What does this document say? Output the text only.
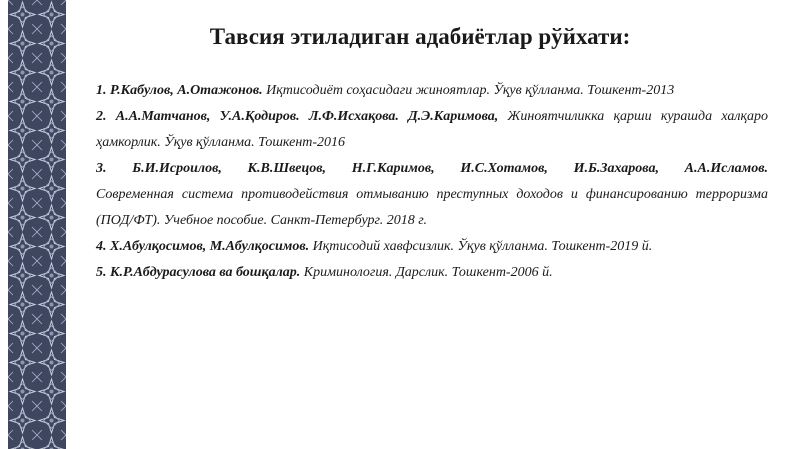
Тавсия этиладиган адабиётлар рўйхати:

1. Р.Кабулов, А.Отажонов. Иқтисодиёт соҳасидаги жиноятлар. Ўқув қўлланма. Тошкент-2013

2. А.А.Матчанов, У.А.Қодиров. Л.Ф.Исхақова. Д.Э.Каримова, Жиноятчиликка қарши курашда халқаро ҳамкорлик. Ўқув қўлланма. Тошкент-2016

3. Б.И.Исроилов, К.В.Швецов, Н.Г.Каримов, И.С.Хотамов, И.Б.Захарова, А.А.Исламов.
Современная система противодействия отмыванию преступных доходов и финансированию терроризма (ПОД/ФТ). Учебное пособие. Санкт-Петербург. 2018 г.

4. Х.Абулқосимов, М.Абулқосимов. Иқтисодий хавфсизлик. Ўқув қўлланма. Тошкент-2019 й.

5. К.Р.Абдурасулова ва бошқалар. Криминология. Дарслик. Тошкент-2006 й.
